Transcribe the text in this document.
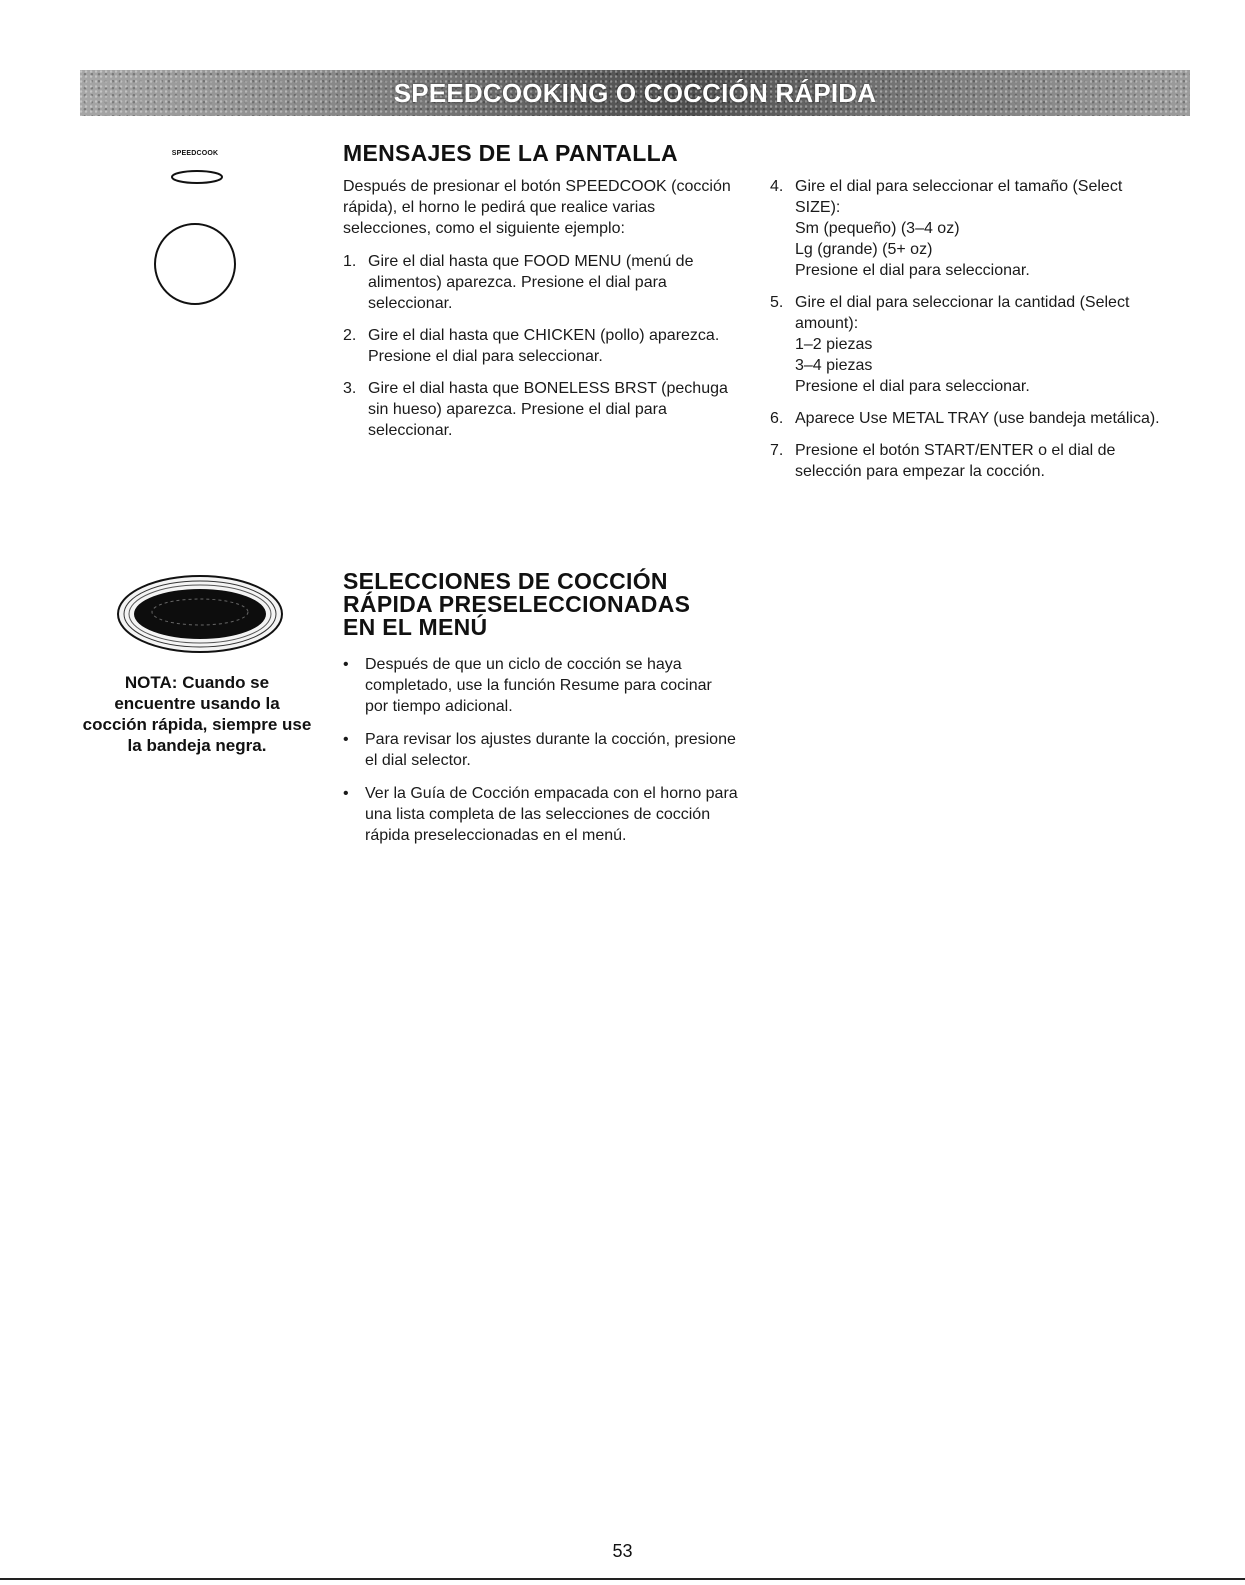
SPEEDCOOKING O COCCIÓN RÁPIDA
SPEEDCOOK
NOTA: Cuando se encuentre usando la cocción rápida, siempre use la bandeja negra.
MENSAJES DE LA PANTALLA

Después de presionar el botón SPEEDCOOK (cocción rápida), el horno le pedirá que realice varias selecciones, como el siguiente ejemplo:

1. Gire el dial hasta que FOOD MENU (menú de alimentos) aparezca. Presione el dial para seleccionar.
2. Gire el dial hasta que CHICKEN (pollo) aparezca. Presione el dial para seleccionar.
3. Gire el dial hasta que BONELESS BRST (pechuga sin hueso) aparezca. Presione el dial para seleccionar.
4. Gire el dial para seleccionar el tamaño (Select SIZE):
Sm (pequeño) (3–4 oz)
Lg (grande) (5+ oz)
Presione el dial para seleccionar.
5. Gire el dial para seleccionar la cantidad (Select amount):
1–2 piezas
3–4 piezas
Presione el dial para seleccionar.
6. Aparece Use METAL TRAY (use bandeja metálica).
7. Presione el botón START/ENTER o el dial de selección para empezar la cocción.
SELECCIONES DE COCCIÓN
RÁPIDA PRESELECCIONADAS
EN EL MENÚ
• Después de que un ciclo de cocción se haya completado, use la función Resume para cocinar por tiempo adicional.
• Para revisar los ajustes durante la cocción, presione el dial selector.
• Ver la Guía de Cocción empacada con el horno para una lista completa de las selecciones de cocción rápida preseleccionadas en el menú.
53
